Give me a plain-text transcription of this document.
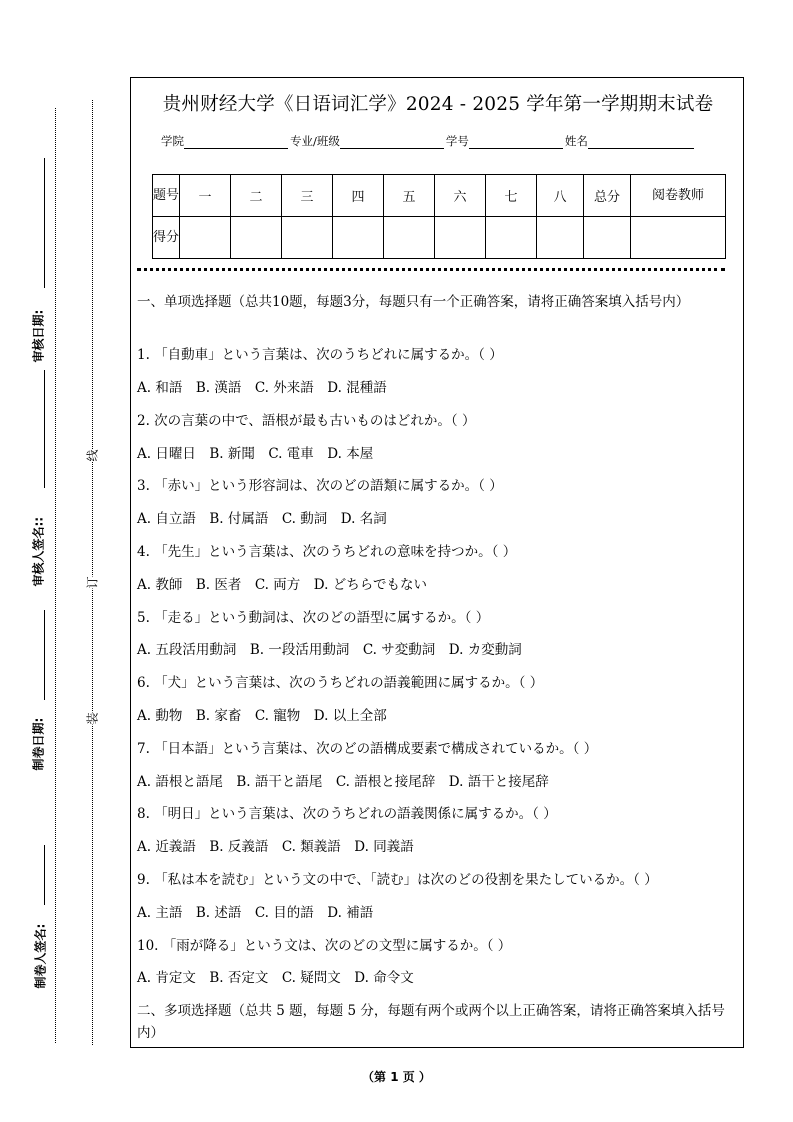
审核日期:
审核人签名::
制卷日期:
制卷人签名:
线
订
装
贵州财经大学《日语词汇学》2024 - 2025 学年第一学期期末试卷
学院	专业/班级	学号	姓名
题号	一	二	三	四	五	六	七	八	总分	阅卷教师
得分										
一、单项选择题（总共10题，每题3分，每题只有一个正确答案，请将正确答案填入括号内）
1. 「自動車」という言葉は、次のうちどれに属するか。（ ）
A. 和語　B. 漢語　C. 外来語　D. 混種語
2. 次の言葉の中で、語根が最も古いものはどれか。（ ）
A. 日曜日　B. 新聞　C. 電車　D. 本屋
3. 「赤い」という形容詞は、次のどの語類に属するか。（ ）
A. 自立語　B. 付属語　C. 動詞　D. 名詞
4. 「先生」という言葉は、次のうちどれの意味を持つか。（ ）
A. 教師　B. 医者　C. 両方　D. どちらでもない
5. 「走る」という動詞は、次のどの語型に属するか。（ ）
A. 五段活用動詞　B. 一段活用動詞　C. サ変動詞　D. カ変動詞
6. 「犬」という言葉は、次のうちどれの語義範囲に属するか。（ ）
A. 動物　B. 家畜　C. 寵物　D. 以上全部
7. 「日本語」という言葉は、次のどの語構成要素で構成されているか。（ ）
A. 語根と語尾　B. 語干と語尾　C. 語根と接尾辞　D. 語干と接尾辞
8. 「明日」という言葉は、次のうちどれの語義関係に属するか。（ ）
A. 近義語　B. 反義語　C. 類義語　D. 同義語
9. 「私は本を読む」という文の中で、「読む」は次のどの役割を果たしているか。（ ）
A. 主語　B. 述語　C. 目的語　D. 補語
10. 「雨が降る」という文は、次のどの文型に属するか。（ ）
A. 肯定文　B. 否定文　C. 疑問文　D. 命令文
二、多项选择题（总共 5 题，每题 5 分，每题有两个或两个以上正确答案，请将正确答案填入括号内）
（第 1 页 ）
